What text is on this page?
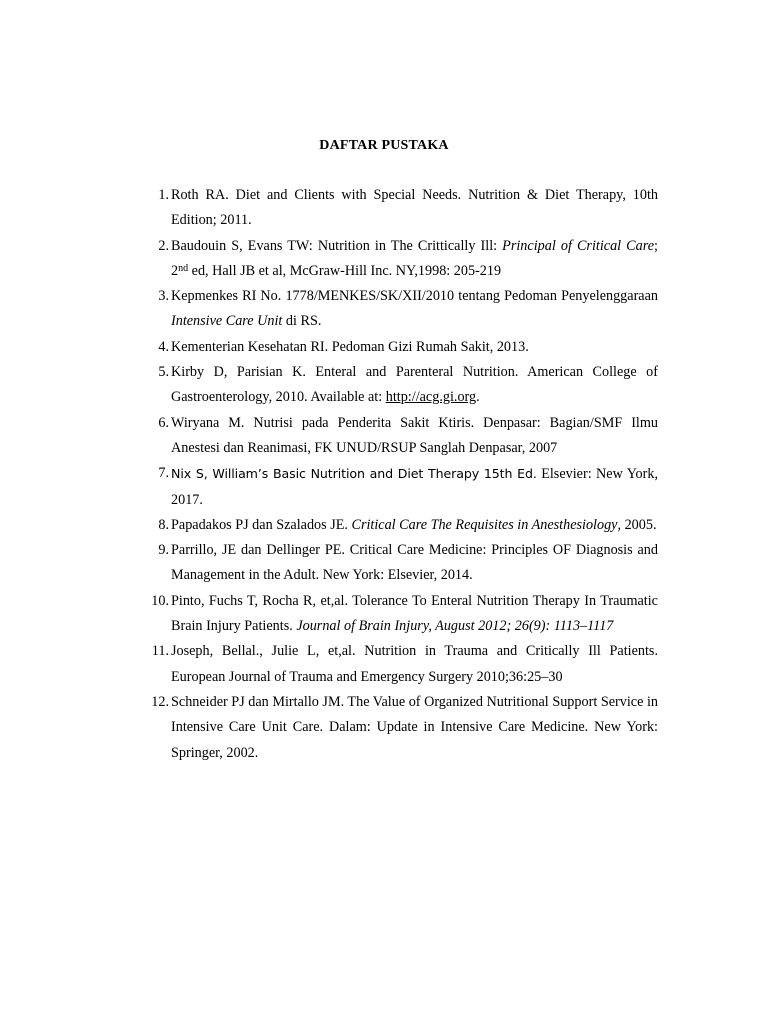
DAFTAR PUSTAKA
1. Roth RA. Diet and Clients with Special Needs. Nutrition & Diet Therapy, 10th Edition; 2011.
2. Baudouin S, Evans TW: Nutrition in The Crittically Ill: Principal of Critical Care; 2nd ed, Hall JB et al, McGraw-Hill Inc. NY,1998: 205-219
3. Kepmenkes RI No. 1778/MENKES/SK/XII/2010 tentang Pedoman Penyelenggaraan Intensive Care Unit di RS.
4. Kementerian Kesehatan RI. Pedoman Gizi Rumah Sakit, 2013.
5. Kirby D, Parisian K. Enteral and Parenteral Nutrition. American College of Gastroenterology, 2010. Available at: http://acg.gi.org.
6. Wiryana M. Nutrisi pada Penderita Sakit Ktiris. Denpasar: Bagian/SMF Ilmu Anestesi dan Reanimasi, FK UNUD/RSUP Sanglah Denpasar, 2007
7. Nix S, William’s Basic Nutrition and Diet Therapy 15th Ed. Elsevier: New York, 2017.
8. Papadakos PJ dan Szalados JE. Critical Care The Requisites in Anesthesiology, 2005.
9. Parrillo, JE dan Dellinger PE. Critical Care Medicine: Principles OF Diagnosis and Management in the Adult. New York: Elsevier, 2014.
10. Pinto, Fuchs T, Rocha R, et,al. Tolerance To Enteral Nutrition Therapy In Traumatic Brain Injury Patients. Journal of Brain Injury, August 2012; 26(9): 1113–1117
11. Joseph, Bellal., Julie L, et,al. Nutrition in Trauma and Critically Ill Patients. European Journal of Trauma and Emergency Surgery 2010;36:25–30
12. Schneider PJ dan Mirtallo JM. The Value of Organized Nutritional Support Service in Intensive Care Unit Care. Dalam: Update in Intensive Care Medicine. New York: Springer, 2002.
